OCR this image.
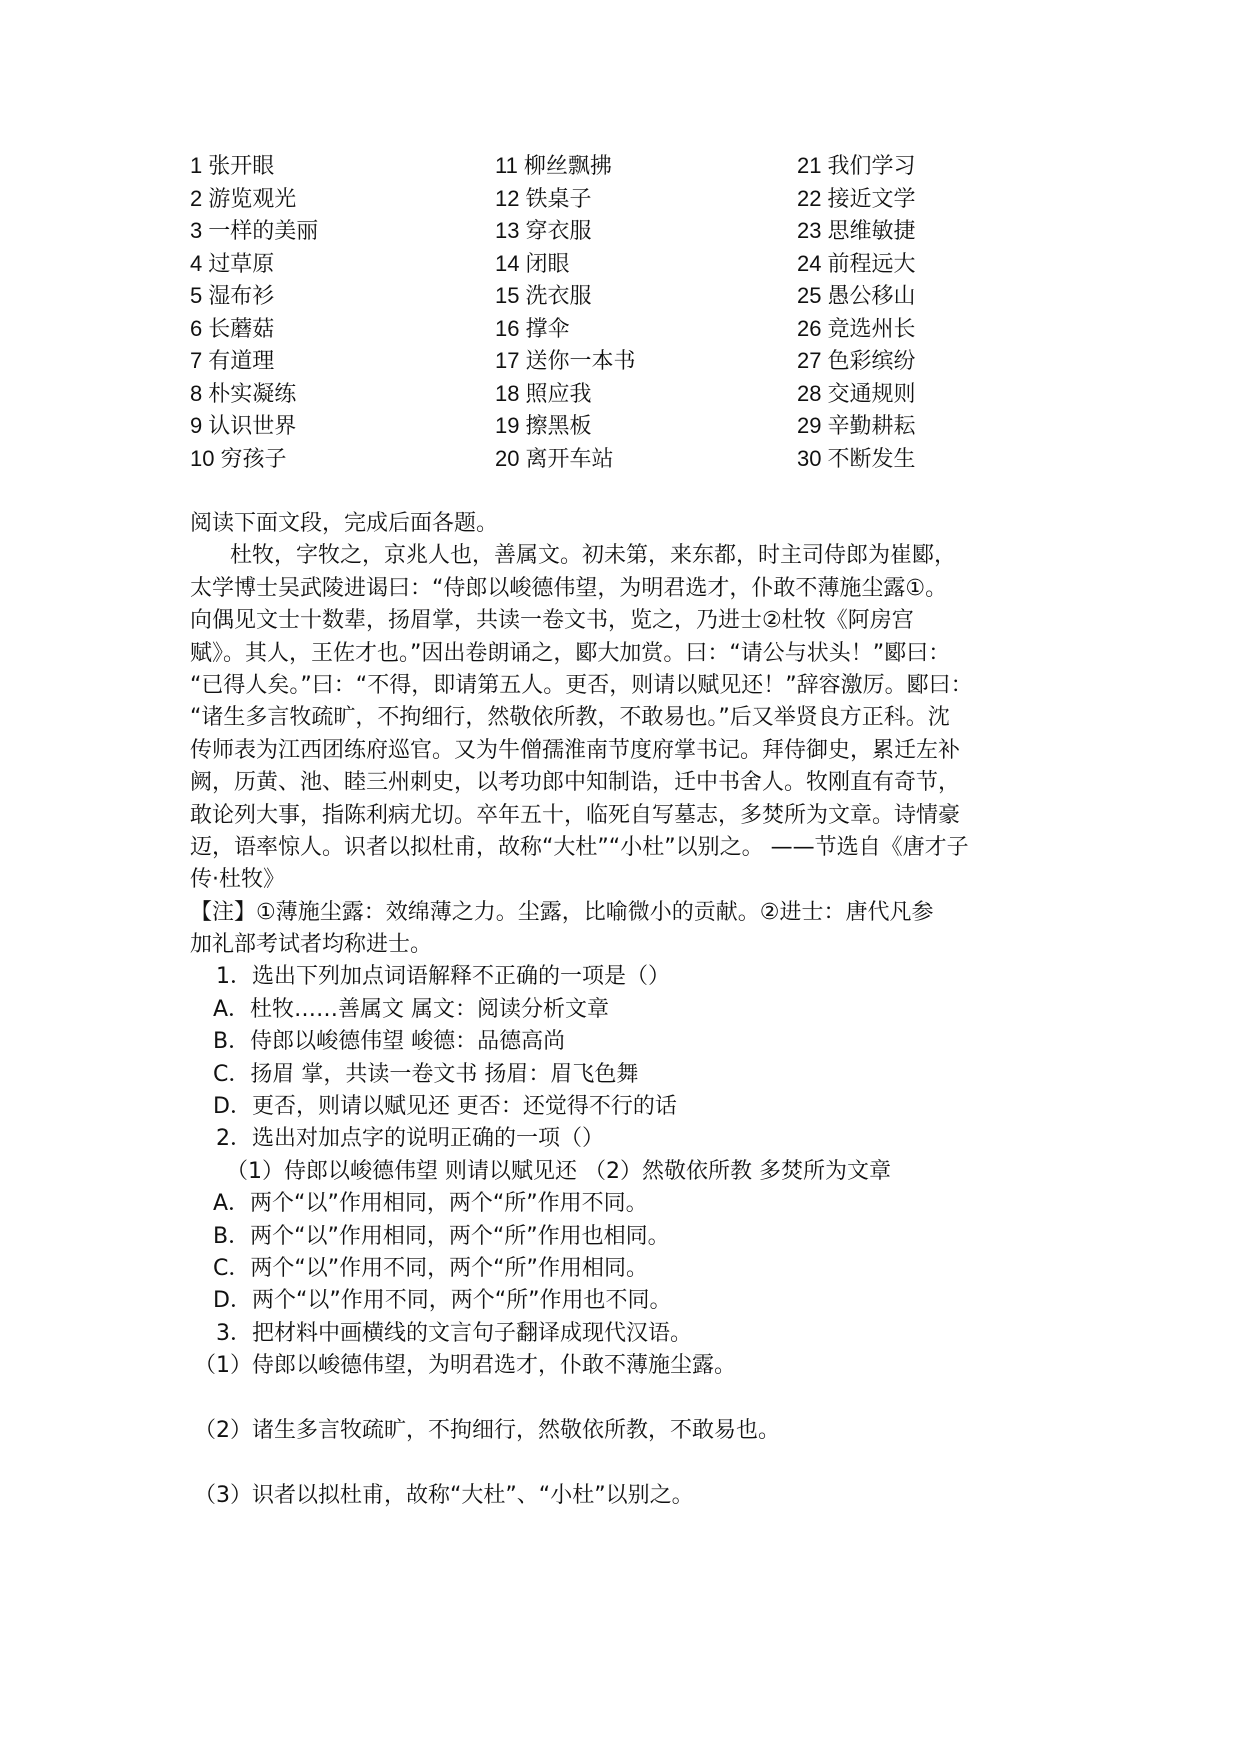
1 张开眼
2 游览观光
3 一样的美丽
4 过草原
5 湿布衫
6 长蘑菇
7 有道理
8 朴实凝练
9 认识世界
10 穷孩子
11 柳丝飘拂
12 铁桌子
13 穿衣服
14 闭眼
15 洗衣服
16 撑伞
17 送你一本书
18 照应我
19 擦黑板
20 离开车站
21 我们学习
22 接近文学
23 思维敏捷
24 前程远大
25 愚公移山
26 竞选州长
27 色彩缤纷
28 交通规则
29 辛勤耕耘
30 不断发生
阅读下面文段，完成后面各题。
杜牧，字牧之，京兆人也，善属文。初未第，来东都，时主司侍郎为崔郾，
太学博士吴武陵进谒曰：“侍郎以峻德伟望，为明君选才，仆敢不薄施尘露①。
向偶见文士十数辈，扬眉掌，共读一卷文书，览之，乃进士②杜牧《阿房宫
赋》。其人，王佐才也。”因出卷朗诵之，郾大加赏。曰：“请公与状头！”郾曰：
“已得人矣。”曰：“不得，即请第五人。更否，则请以赋见还！”辞容激厉。郾曰：
“诸生多言牧疏旷，不拘细行，然敬依所教，不敢易也。”后又举贤良方正科。沈
传师表为江西团练府巡官。又为牛僧孺淮南节度府掌书记。拜侍御史，累迁左补
阙，历黄、池、睦三州刺史，以考功郎中知制诰，迁中书舍人。牧刚直有奇节，
敢论列大事，指陈利病尤切。卒年五十，临死自写墓志，多焚所为文章。诗情豪
迈，语率惊人。识者以拟杜甫，故称“大杜”“小杜”以别之。 ——节选自《唐才子
传·杜牧》
【注】①薄施尘露：效绵薄之力。尘露，比喻微小的贡献。②进士：唐代凡参
加礼部考试者均称进士。
1．选出下列加点词语解释不正确的一项是（）
A．杜牧……善属文 属文：阅读分析文章
B．侍郎以峻德伟望 峻德：品德高尚
C．扬眉 掌，共读一卷文书 扬眉：眉飞色舞
D．更否，则请以赋见还 更否：还觉得不行的话
2．选出对加点字的说明正确的一项（）
（1）侍郎以峻德伟望 则请以赋见还 （2）然敬依所教 多焚所为文章
A．两个“以”作用相同，两个“所”作用不同。
B．两个“以”作用相同，两个“所”作用也相同。
C．两个“以”作用不同，两个“所”作用相同。
D．两个“以”作用不同，两个“所”作用也不同。
3．把材料中画横线的文言句子翻译成现代汉语。
（1）侍郎以峻德伟望，为明君选才，仆敢不薄施尘露。
（2）诸生多言牧疏旷，不拘细行，然敬依所教，不敢易也。
（3）识者以拟杜甫，故称“大杜”、“小杜”以别之。
